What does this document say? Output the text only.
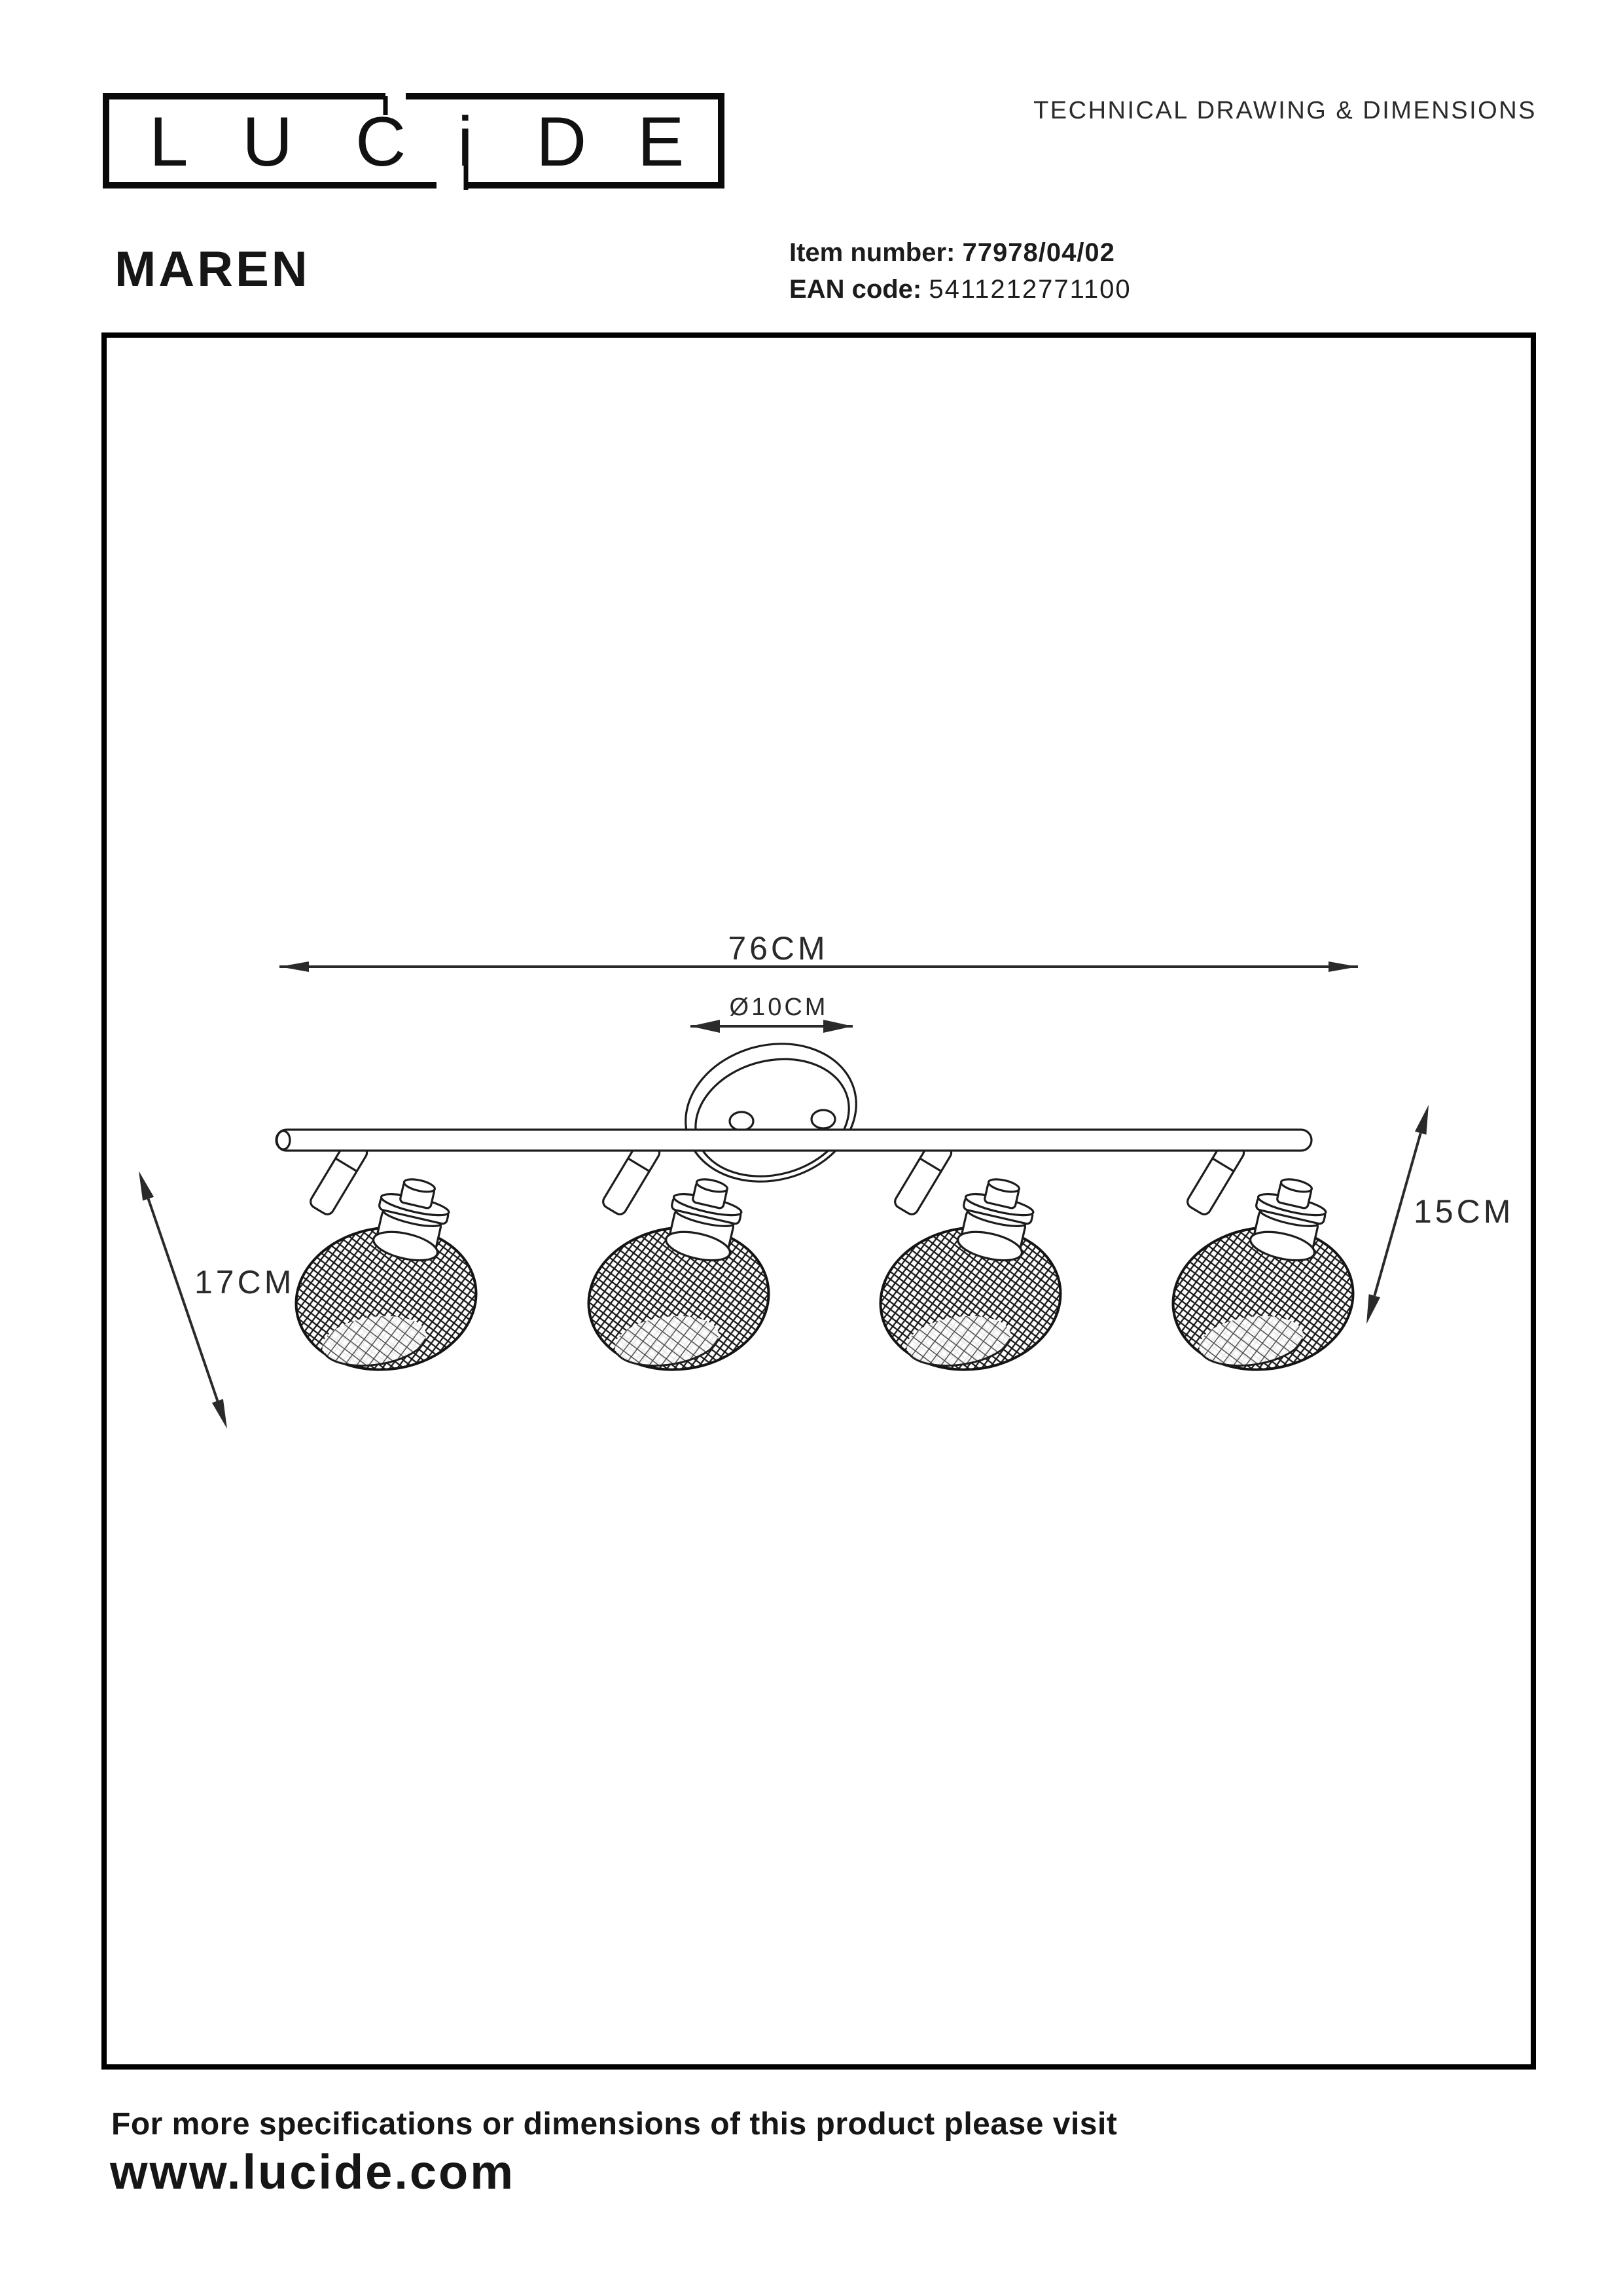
L U C i D E	TECHNICAL DRAWING & DIMENSIONS
MAREN	Item number: 77978/04/02
EAN code: 5411212771100
76CM
Ø10CM
17CM
15CM
For more specifications or dimensions of this product please visit
www.lucide.com
